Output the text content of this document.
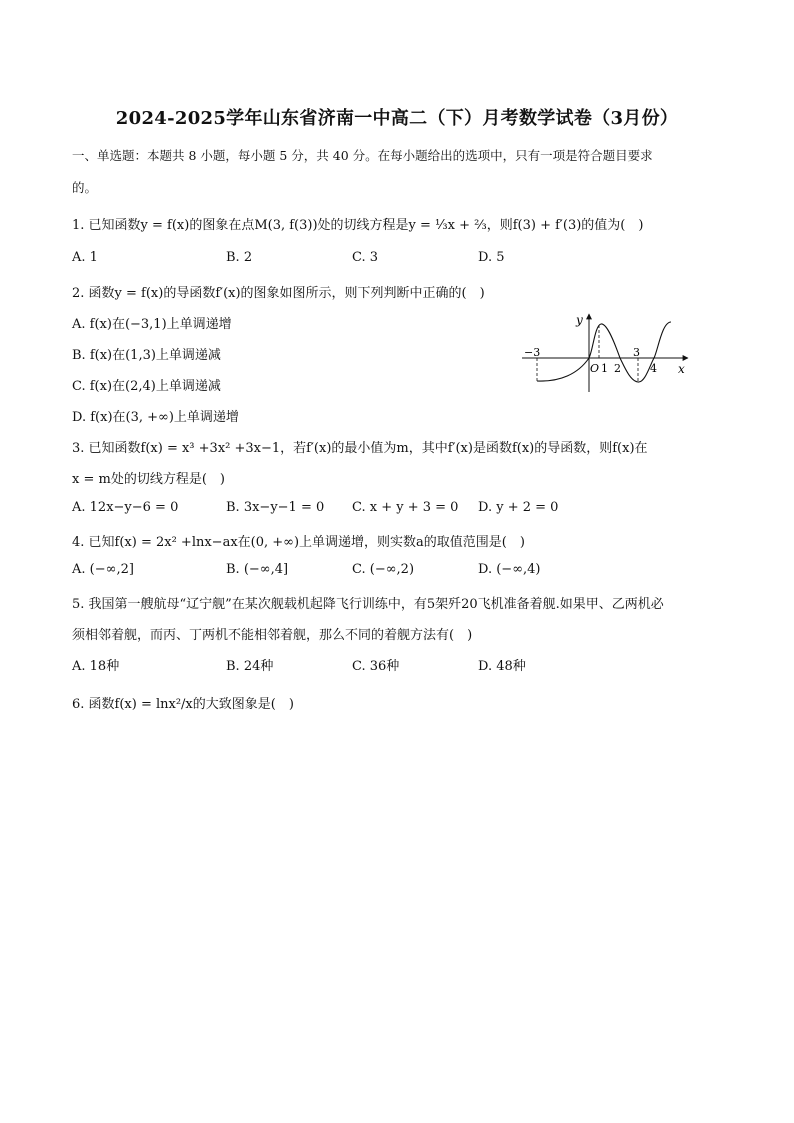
2024-2025学年山东省济南一中高二（下）月考数学试卷（3月份）
一、单选题：本题共 8 小题，每小题 5 分，共 40 分。在每小题给出的选项中，只有一项是符合题目要求
的。
1. 已知函数y = f(x)的图象在点M(3, f(3))处的切线方程是y = ⅓x + ⅔，则f(3) + f′(3)的值为(　)
A. 1	B. 2	C. 3	D. 5
2. 函数y = f(x)的导函数f′(x)的图象如图所示，则下列判断中正确的(　)
A. f(x)在(−3,1)上单调递增
B. f(x)在(1,3)上单调递减
C. f(x)在(2,4)上单调递减
D. f(x)在(3, +∞)上单调递增
y
x
O
−3
1 2
3
4
3. 已知函数f(x) = x³ +3x² +3x−1，若f′(x)的最小值为m，其中f′(x)是函数f(x)的导函数，则f(x)在
x = m处的切线方程是(　)
A. 12x−y−6 = 0	B. 3x−y−1 = 0 C. x + y + 3 = 0 D. y + 2 = 0
4. 已知f(x) = 2x² +lnx−ax在(0, +∞)上单调递增，则实数a的取值范围是(　)
A. (−∞,2]	B. (−∞,4]	C. (−∞,2)	D. (−∞,4)
5. 我国第一艘航母“辽宁舰”在某次舰载机起降飞行训练中，有5架歼20飞机准备着舰.如果甲、乙两机必
须相邻着舰，而丙、丁两机不能相邻着舰，那么不同的着舰方法有(　)
A. 18种	B. 24种	C. 36种	D. 48种
6. 函数f(x) = lnx²/x的大致图象是(　)
